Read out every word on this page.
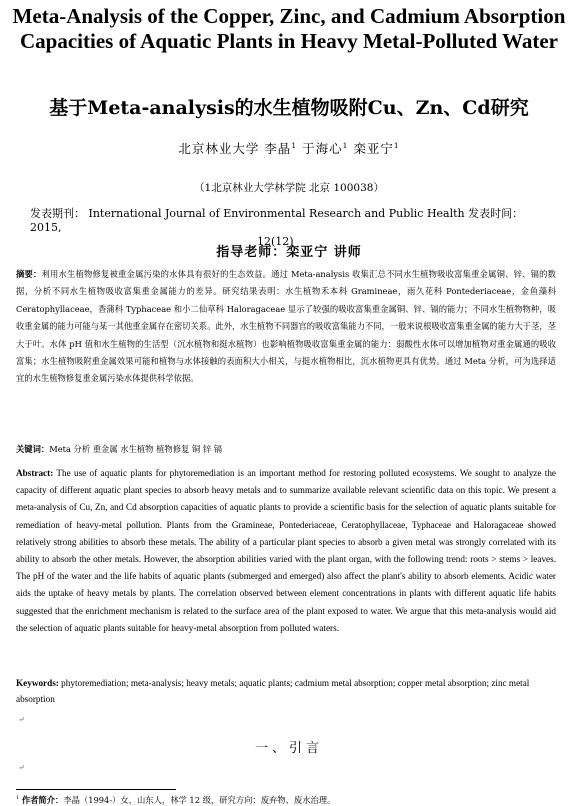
Meta-Analysis of the Copper, Zinc, and Cadmium Absorption Capacities of Aquatic Plants in Heavy Metal-Polluted Water
基于Meta-analysis的水生植物吸附Cu、Zn、Cd研究
北京林业大学 李晶$^1$ 于海心$^1$ 栾亚宁$^1$
（1北京林业大学林学院 北京 100038）
发表期刊： International Journal of Environmental Research and Public Health 发表时间：2015,
12(12)
指导老师：栾亚宁 讲师
摘要：利用水生植物修复被重金属污染的水体具有很好的生态效益。通过 Meta-analysis 收集汇总不同水生植物吸收富集重金属铜、锌、镉的数据，分析不同水生植物吸收富集重金属能力的差异。研究结果表明：水生植物禾本科 Gramineae，雨久花科 Pontederiaceae，金鱼藻科 Ceratophyllaceae，香蒲科 Typhaceae 和小二仙草科 Haloragaceae 显示了较强的吸收富集重金属铜、锌、镉的能力；不同水生植物物种，吸收重金属的能力可能与某一其他重金属存在密切关系。此外，水生植物不同器官的吸收富集能力不同，一般来说根吸收富集重金属的能力大于茎，茎大于叶。水体 pH 值和水生植物的生活型（沉水植物和挺水植物）也影响植物吸收富集重金属的能力：弱酸性水体可以增加植物对重金属通的吸收富集；水生植物吸附重金属效果可能和植物与水体接触的表面积大小相关，与挺水植物相比，沉水植物更具有优势。通过 Meta 分析，可为选择适宜的水生植物修复重金属污染水体提供科学依据。
关键词：Meta 分析 重金属 水生植物 植物修复 铜 锌 镉
Abstract: The use of aquatic plants for phytoremediation is an important method for restoring polluted ecosystems. We sought to analyze the capacity of different aquatic plant species to absorb heavy metals and to summarize available relevant scientific data on this topic. We present a meta-analysis of Cu, Zn, and Cd absorption capacities of aquatic plants to provide a scientific basis for the selection of aquatic plants suitable for remediation of heavy-metal pollution. Plants from the Gramineae, Pontederiaceae, Ceratophyllaceae, Typhaceae and Haloragaceae showed relatively strong abilities to absorb these metals. The ability of a particular plant species to absorb a given metal was strongly correlated with its ability to absorb the other metals. However, the absorption abilities varied with the plant organ, with the following trend: roots > stems > leaves. The pH of the water and the life habits of aquatic plants (submerged and emerged) also affect the plant's ability to absorb elements. Acidic water aids the uptake of heavy metals by plants. The correlation observed between element concentrations in plants with different aquatic life habits suggested that the enrichment mechanism is related to the surface area of the plant exposed to water. We argue that this meta-analysis would aid the selection of aquatic plants suitable for heavy-metal absorption from polluted waters.
Keywords: phytoremediation; meta-analysis; heavy metals; aquatic plants; cadmium metal absorption; copper metal absorption; zinc metal absorption
↵
一、引言
↵
$^1$ 作者简介：李晶（1994-）女，山东人，林学 12 级，研究方向：废弃物、废水治理。
